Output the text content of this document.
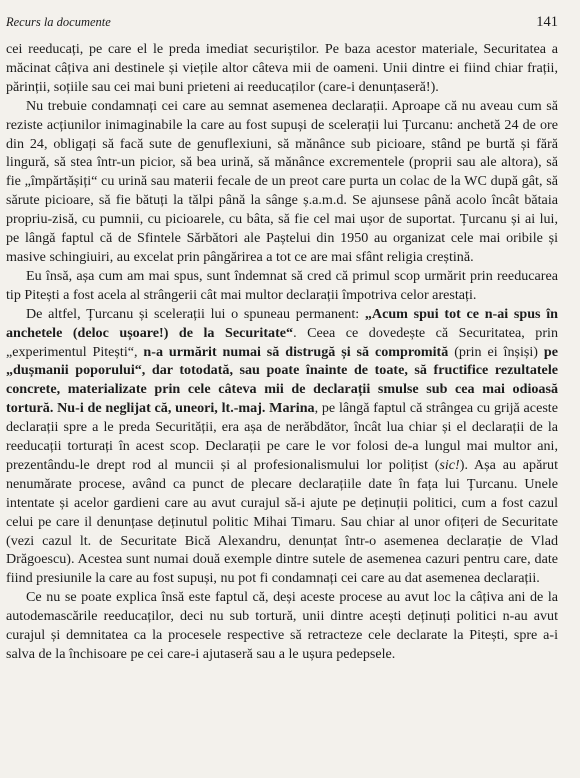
Recurs la documente	141

cei reeducați, pe care el le preda imediat securiștilor. Pe baza acestor materiale, Securitatea a măcinat câțiva ani destinele și viețile altor câteva mii de oameni. Unii dintre ei fiind chiar frații, părinții, soțiile sau cei mai buni prieteni ai reeducaților (care-i denunțaseră!).

Nu trebuie condamnați cei care au semnat asemenea declarații. Aproape că nu aveau cum să reziste acțiunilor inimaginabile la care au fost supuși de scelerații lui Țurcanu: anchetă 24 de ore din 24, obligați să facă sute de genuflexiuni, să mănânce sub picioare, stând pe burtă și fără lingură, să stea într-un picior, să bea urină, să mănânce excrementele (proprii sau ale altora), să fie „împărtășiți“ cu urină sau materii fecale de un preot care purta un colac de la WC după gât, să sărute picioare, să fie bătuți la tălpi până la sânge ș.a.m.d. Se ajunsese până acolo încât bătaia propriu-zisă, cu pumnii, cu picioarele, cu bâta, să fie cel mai ușor de suportat. Țurcanu și ai lui, pe lângă faptul că de Sfintele Sărbători ale Paștelui din 1950 au organizat cele mai oribile și masive schingiuiri, au excelat prin pângărirea a tot ce are mai sfânt religia creștină.

Eu însă, așa cum am mai spus, sunt îndemnat să cred că primul scop urmărit prin reeducarea tip Pitești a fost acela al strângerii cât mai multor declarații împotriva celor arestați.

De altfel, Țurcanu și scelerații lui o spuneau permanent: „Acum spui tot ce n-ai spus în anchetele (deloc ușoare!) de la Securitate“. Ceea ce dovedește că Securitatea, prin „experimentul Pitești“, n-a urmărit numai să distrugă și să compromită (prin ei înșiși) pe „dușmanii poporului“, dar totodată, sau poate înainte de toate, să fructifice rezultatele concrete, materializate prin cele câteva mii de declarații smulse sub cea mai odioasă tortură. Nu-i de neglijat că, uneori, lt.-maj. Marina, pe lângă faptul că strângea cu grijă aceste declarații spre a le preda Securității, era așa de nerăbdător, încât lua chiar și el declarații de la reeducații torturați în acest scop. Declarații pe care le vor folosi de-a lungul mai multor ani, prezentându-le drept rod al muncii și al profesionalismului lor polițist (sic!). Așa au apărut nenumărate procese, având ca punct de plecare declarațiile date în fața lui Țurcanu. Unele intentate și acelor gardieni care au avut curajul să-i ajute pe deținuții politici, cum a fost cazul celui pe care il denunțase deținutul politic Mihai Timaru. Sau chiar al unor ofițeri de Securitate (vezi cazul lt. de Securitate Bică Alexandru, denunțat într-o asemenea declarație de Vlad Drăgoescu). Acestea sunt numai două exemple dintre sutele de asemenea cazuri pentru care, date fiind presiunile la care au fost supuși, nu pot fi condamnați cei care au dat asemenea declarații.

Ce nu se poate explica însă este faptul că, deși aceste procese au avut loc la câțiva ani de la autodemascările reeducaților, deci nu sub tortură, unii dintre acești deținuți politici n-au avut curajul și demnitatea ca la procesele respective să retracteze cele declarate la Pitești, spre a-i salva de la închisoare pe cei care-i ajutaseră sau a le ușura pedepsele.
